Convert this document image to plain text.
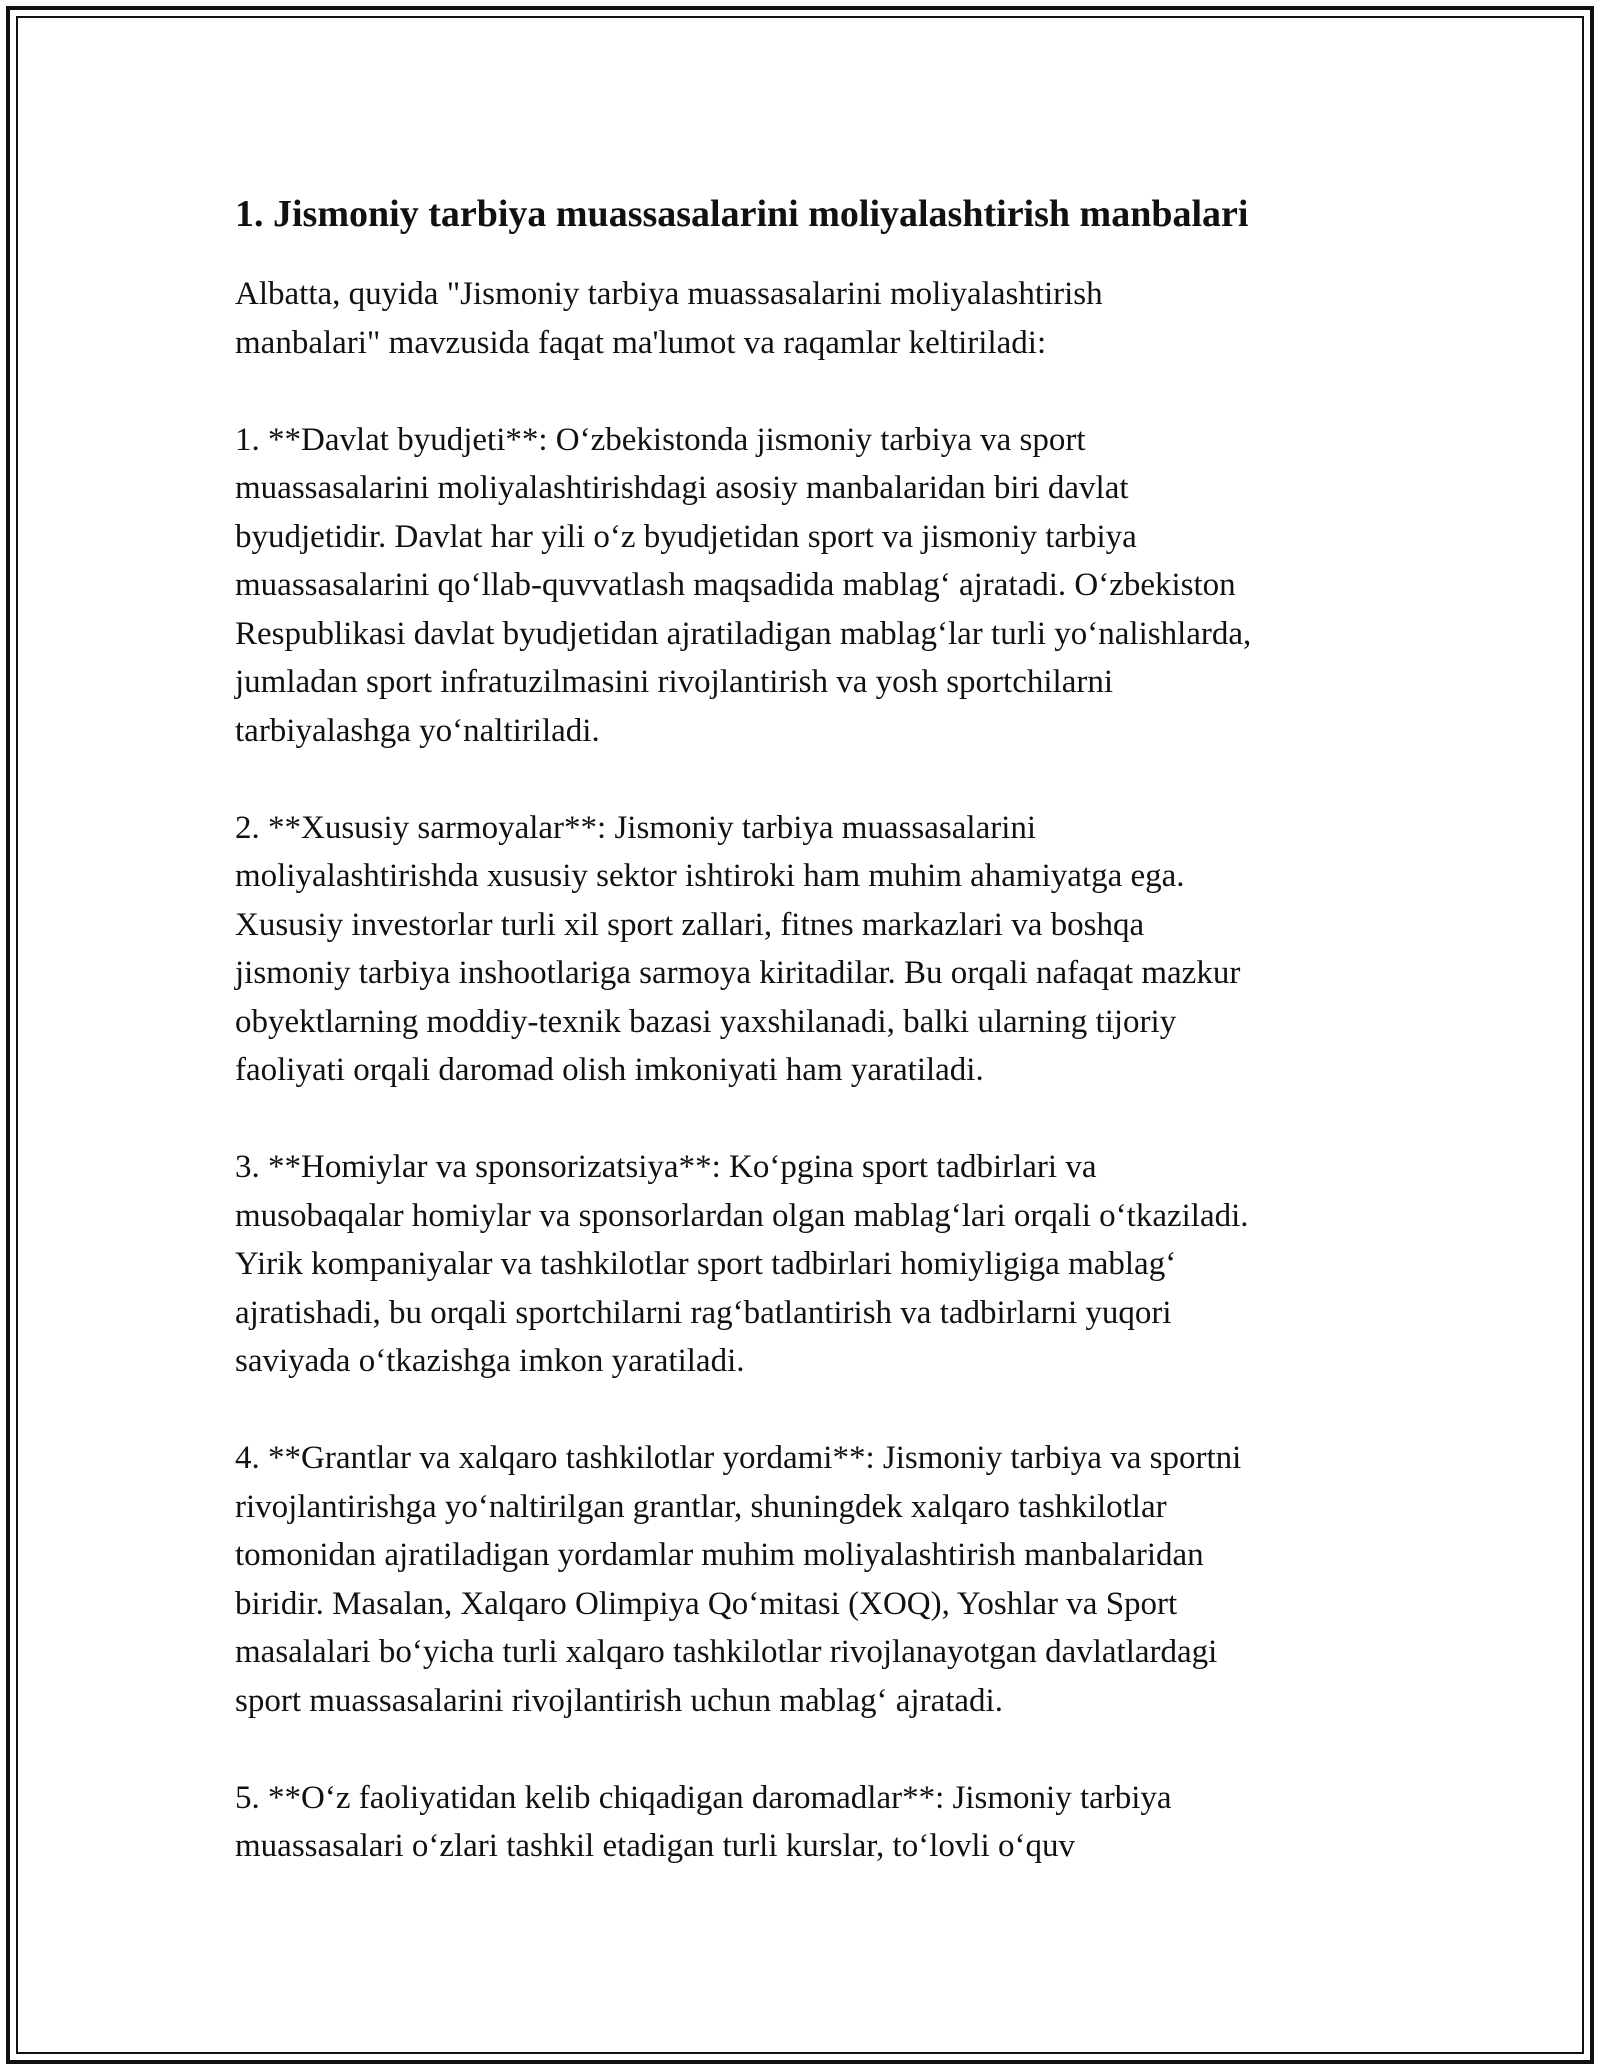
1. Jismoniy tarbiya muassasalarini moliyalashtirish manbalari
Albatta, quyida "Jismoniy tarbiya muassasalarini moliyalashtirish
manbalari" mavzusida faqat ma'lumot va raqamlar keltiriladi:
1. **Davlat byudjeti**: O‘zbekistonda jismoniy tarbiya va sport
muassasalarini moliyalashtirishdagi asosiy manbalaridan biri davlat
byudjetidir. Davlat har yili o‘z byudjetidan sport va jismoniy tarbiya
muassasalarini qo‘llab-quvvatlash maqsadida mablag‘ ajratadi. O‘zbekiston
Respublikasi davlat byudjetidan ajratiladigan mablag‘lar turli yo‘nalishlarda,
jumladan sport infratuzilmasini rivojlantirish va yosh sportchilarni
tarbiyalashga yo‘naltiriladi.
2. **Xususiy sarmoyalar**: Jismoniy tarbiya muassasalarini
moliyalashtirishda xususiy sektor ishtiroki ham muhim ahamiyatga ega.
Xususiy investorlar turli xil sport zallari, fitnes markazlari va boshqa
jismoniy tarbiya inshootlariga sarmoya kiritadilar. Bu orqali nafaqat mazkur
obyektlarning moddiy-texnik bazasi yaxshilanadi, balki ularning tijoriy
faoliyati orqali daromad olish imkoniyati ham yaratiladi.
3. **Homiylar va sponsorizatsiya**: Ko‘pgina sport tadbirlari va
musobaqalar homiylar va sponsorlardan olgan mablag‘lari orqali o‘tkaziladi.
Yirik kompaniyalar va tashkilotlar sport tadbirlari homiyligiga mablag‘
ajratishadi, bu orqali sportchilarni rag‘batlantirish va tadbirlarni yuqori
saviyada o‘tkazishga imkon yaratiladi.
4. **Grantlar va xalqaro tashkilotlar yordami**: Jismoniy tarbiya va sportni
rivojlantirishga yo‘naltirilgan grantlar, shuningdek xalqaro tashkilotlar
tomonidan ajratiladigan yordamlar muhim moliyalashtirish manbalaridan
biridir. Masalan, Xalqaro Olimpiya Qo‘mitasi (XOQ), Yoshlar va Sport
masalalari bo‘yicha turli xalqaro tashkilotlar rivojlanayotgan davlatlardagi
sport muassasalarini rivojlantirish uchun mablag‘ ajratadi.
5. **O‘z faoliyatidan kelib chiqadigan daromadlar**: Jismoniy tarbiya
muassasalari o‘zlari tashkil etadigan turli kurslar, to‘lovli o‘quv
